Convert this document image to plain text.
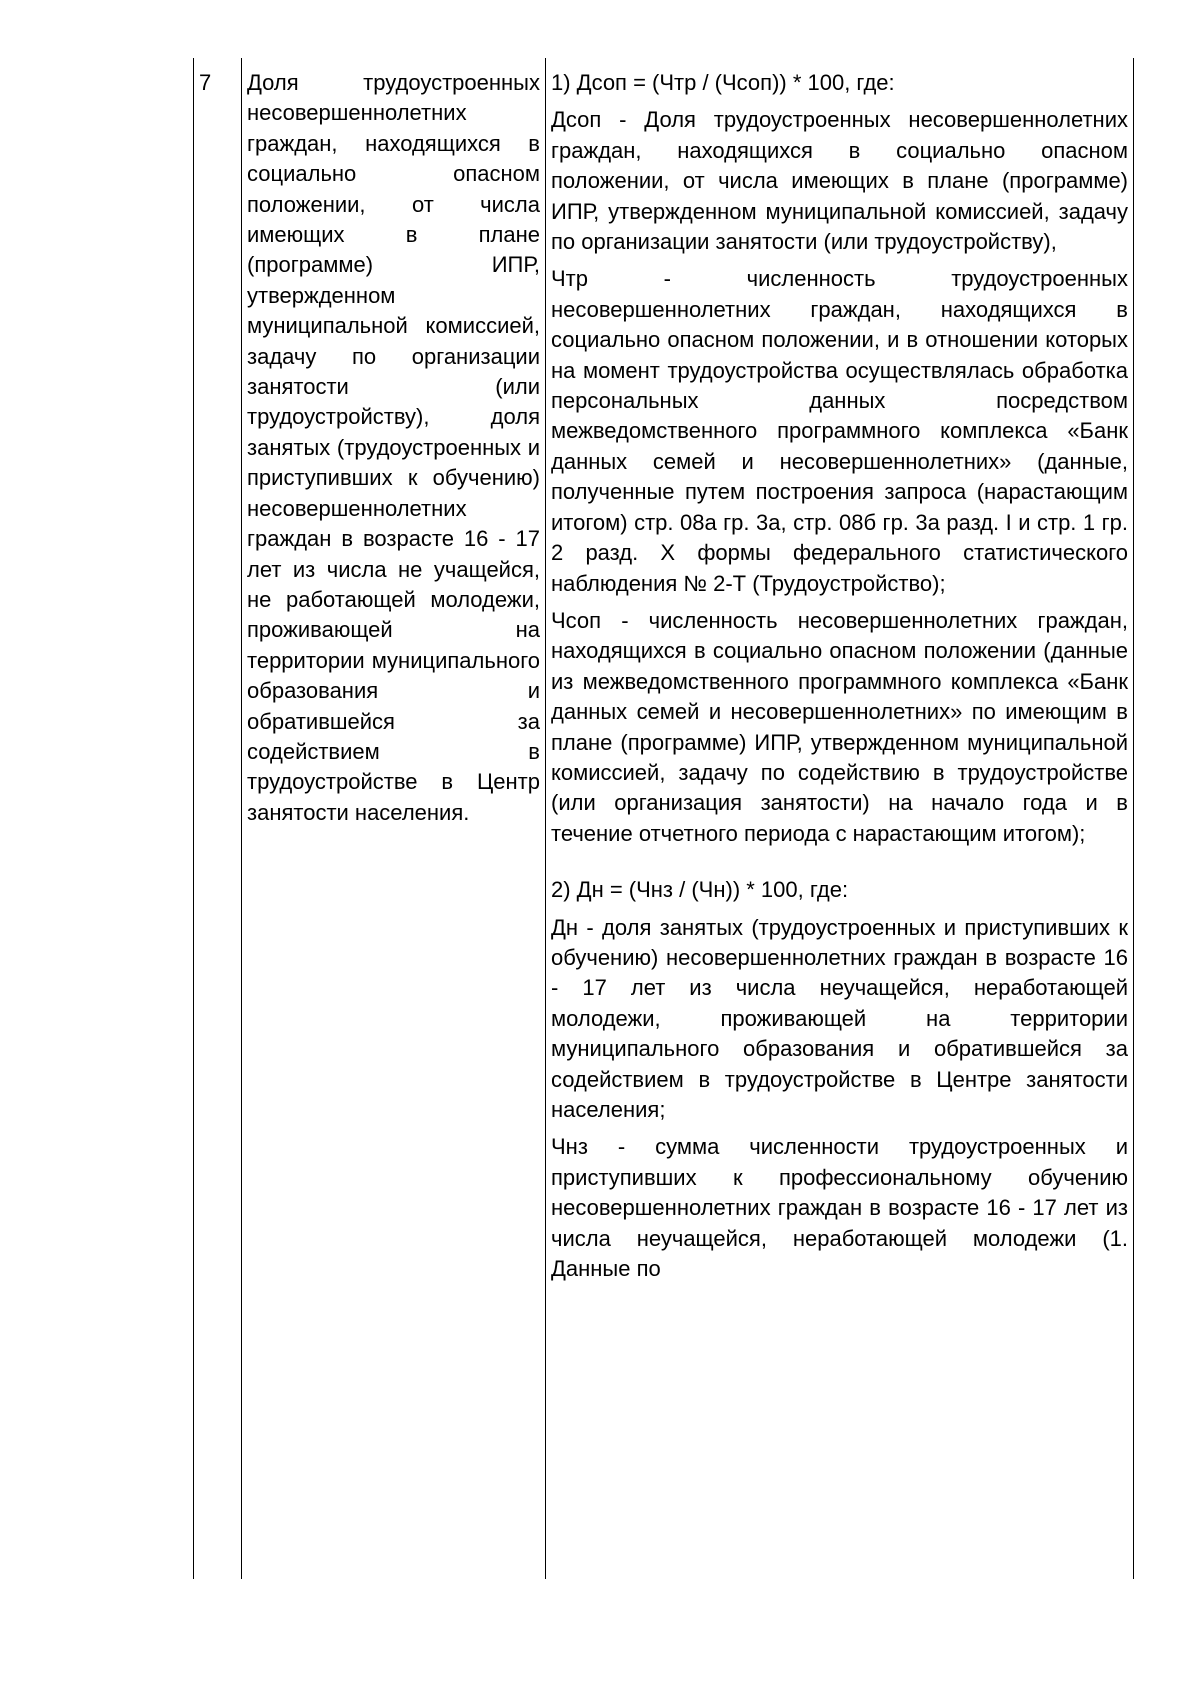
7	Доля трудоустроенных несовершеннолетних граждан, находящихся в социально опасном положении, от числа имеющих в плане (программе) ИПР, утвержденном муниципальной комиссией, задачу по организации занятости (или трудоустройству), доля занятых (трудоустроенных и приступивших к обучению) несовершеннолетних граждан в возрасте 16 - 17 лет из числа не учащейся, не работающей молодежи, проживающей на территории муниципального образования и обратившейся за содействием в трудоустройстве в Центр занятости населения.

1) Дсоп = (Чтр / (Чсоп)) * 100, где:

Дсоп - Доля трудоустроенных несовершеннолетних граждан, находящихся в социально опасном положении, от числа имеющих в плане (программе) ИПР, утвержденном муниципальной комиссией, задачу по организации занятости (или трудоустройству),

Чтр - численность трудоустроенных несовершеннолетних граждан, находящихся в социально опасном положении, и в отношении которых на момент трудоустройства осуществлялась обработка персональных данных посредством межведомственного программного комплекса «Банк данных семей и несовершеннолетних» (данные, полученные путем построения запроса (нарастающим итогом) стр. 08а гр. 3а, стр. 08б гр. 3а разд. I и стр. 1 гр. 2 разд. X формы федерального статистического наблюдения № 2-Т (Трудоустройство);

Чсоп - численность несовершеннолетних граждан, находящихся в социально опасном положении (данные из межведомственного программного комплекса «Банк данных семей и несовершеннолетних» по имеющим в плане (программе) ИПР, утвержденном муниципальной комиссией, задачу по содействию в трудоустройстве (или организация занятости) на начало года и в течение отчетного периода с нарастающим итогом);

2) Дн = (Чнз / (Чн)) * 100, где:

Дн - доля занятых (трудоустроенных и приступивших к обучению) несовершеннолетних граждан в возрасте 16 - 17 лет из числа неучащейся, неработающей молодежи, проживающей на территории муниципального образования и обратившейся за содействием в трудоустройстве в Центре занятости населения;

Чнз - сумма численности трудоустроенных и приступивших к профессиональному обучению несовершеннолетних граждан в возрасте 16 - 17 лет из числа неучащейся, неработающей молодежи (1. Данные по
